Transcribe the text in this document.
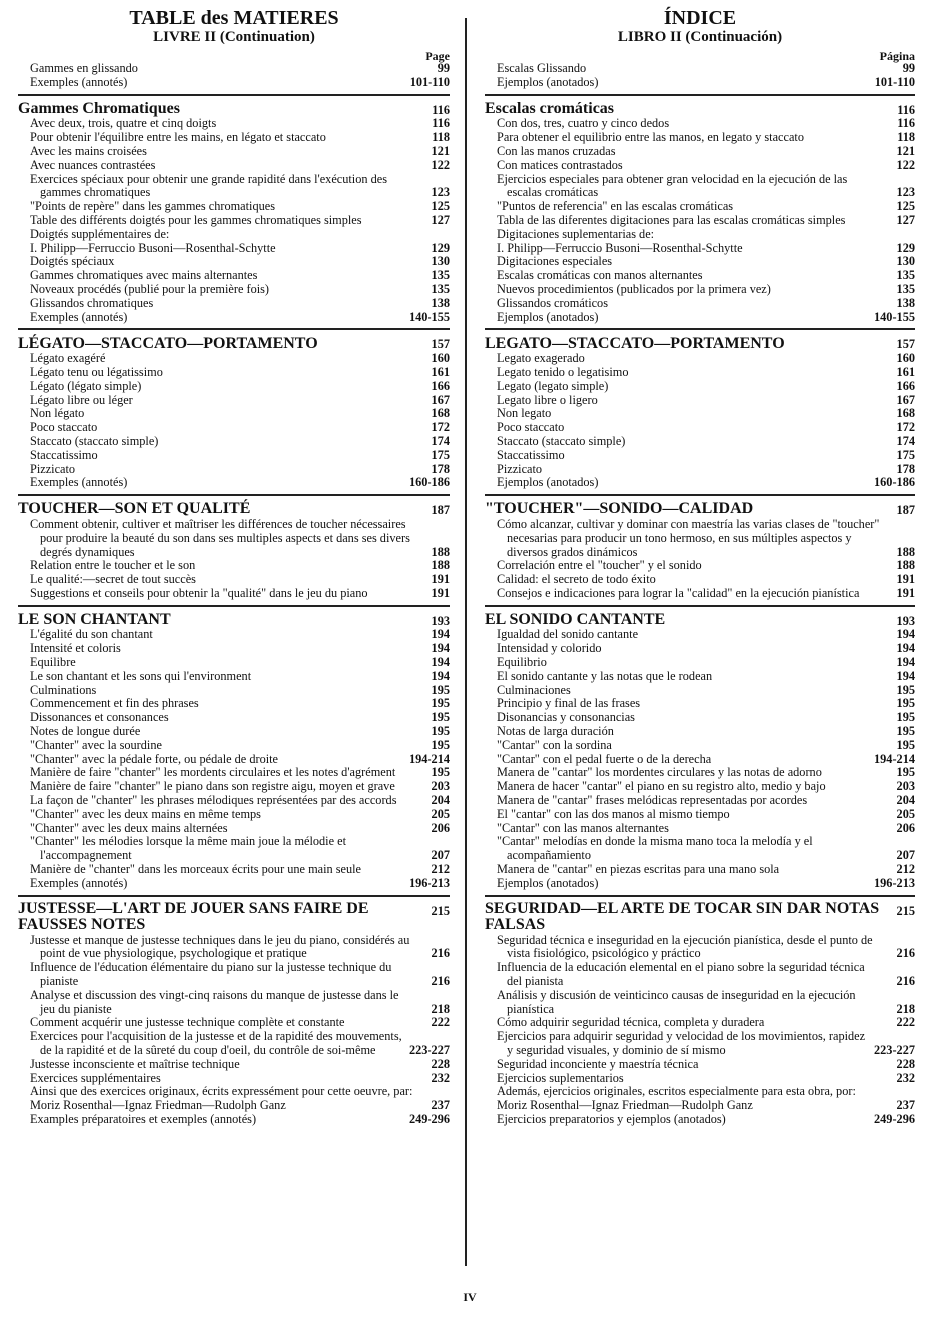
TABLE des MATIERES
LIVRE II (Continuation)
Page
Gammes en glissando	99
Exemples (annotés)	101-110
Gammes Chromatiques	116
Avec deux, trois, quatre et cinq doigts	116
Pour obtenir l'équilibre entre les mains, en légato et staccato	118
Avec les mains croisées	121
Avec nuances contrastées	122
Exercices spéciaux pour obtenir une grande rapidité dans l'exécution des gammes chromatiques	123
"Points de repère" dans les gammes chromatiques	125
Table des différents doigtés pour les gammes chromatiques simples	127
Doigtés supplémentaires de:
I. Philipp—Ferruccio Busoni—Rosenthal-Schytte	129
Doigtés spéciaux	130
Gammes chromatiques avec mains alternantes	135
Noveaux procédés (publié pour la première fois)	135
Glissandos chromatiques	138
Exemples (annotés)	140-155
LÉGATO—STACCATO—PORTAMENTO	157
Légato exagéré	160
Légato tenu ou légatissimo	161
Légato (légato simple)	166
Légato libre ou léger	167
Non légato	168
Poco staccato	172
Staccato (staccato simple)	174
Staccatissimo	175
Pizzicato	178
Exemples (annotés)	160-186
TOUCHER—SON ET QUALITÉ	187
Comment obtenir, cultiver et maîtriser les différences de toucher nécessaires pour produire la beauté du son dans ses multiples aspects et dans ses divers degrés dynamiques	188
Relation entre le toucher et le son	188
Le qualité:—secret de tout succès	191
Suggestions et conseils pour obtenir la "qualité" dans le jeu du piano	191
LE SON CHANTANT	193
L'égalité du son chantant	194
Intensité et coloris	194
Equilibre	194
Le son chantant et les sons qui l'environment	194
Culminations	195
Commencement et fin des phrases	195
Dissonances et consonances	195
Notes de longue durée	195
"Chanter" avec la sourdine	195
"Chanter" avec la pédale forte, ou pédale de droite	194-214
Manière de faire "chanter" les mordents circulaires et les notes d'agrément	195
Manière de faire "chanter" le piano dans son registre aigu, moyen et grave	203
La façon de "chanter" les phrases mélodiques représentées par des accords	204
"Chanter" avec les deux mains en même temps	205
"Chanter" avec les deux mains alternées	206
"Chanter" les mélodies lorsque la même main joue la mélodie et l'accompagnement	207
Manière de "chanter" dans les morceaux écrits pour une main seule	212
Exemples (annotés)	196-213
JUSTESSE—L'ART DE JOUER SANS FAIRE DE FAUSSES NOTES
215
Justesse et manque de justesse techniques dans le jeu du piano, considérés au point de vue physiologique, psychologique et pratique	216
Influence de l'éducation élémentaire du piano sur la justesse technique du pianiste	216
Analyse et discussion des vingt-cinq raisons du manque de justesse dans le jeu du pianiste	218
Comment acquérir une justesse technique complète et constante	222
Exercices pour l'acquisition de la justesse et de la rapidité des mouvements, de la rapidité et de la sûreté du coup d'oeil, du contrôle de soi-même	223-227
Justesse inconsciente et maîtrise technique	228
Exercices supplémentaires	232
Ainsi que des exercices originaux, écrits expressément pour cette oeuvre, par:
Moriz Rosenthal—Ignaz Friedman—Rudolph Ganz	237
Examples préparatoires et exemples (annotés)	249-296
ÍNDICE
LIBRO II (Continuación)
Página
Escalas Glissando	99
Ejemplos (anotados)	101-110
Escalas cromáticas	116
Con dos, tres, cuatro y cinco dedos	116
Para obtener el equilibrio entre las manos, en legato y staccato	118
Con las manos cruzadas	121
Con matices contrastados	122
Ejercicios especiales para obtener gran velocidad en la ejecución de las escalas cromáticas	123
"Puntos de referencia" en las escalas cromáticas	125
Tabla de las diferentes digitaciones para las escalas cromáticas simples	127
Digitaciones suplementarias de:
I. Philipp—Ferruccio Busoni—Rosenthal-Schytte	129
Digitaciones especiales	130
Escalas cromáticas con manos alternantes	135
Nuevos procedimientos (publicados por la primera vez)	135
Glissandos cromáticos	138
Ejemplos (anotados)	140-155
LEGATO—STACCATO—PORTAMENTO	157
Legato exagerado	160
Legato tenido o legatisimo	161
Legato (legato simple)	166
Legato libre o ligero	167
Non legato	168
Poco staccato	172
Staccato (staccato simple)	174
Staccatissimo	175
Pizzicato	178
Ejemplos (anotados)	160-186
"TOUCHER"—SONIDO—CALIDAD	187
Cómo alcanzar, cultivar y dominar con maestría las varias clases de "toucher" necesarias para producir un tono hermoso, en sus múltiples aspectos y diversos grados dinámicos	188
Correlación entre el "toucher" y el sonido	188
Calidad: el secreto de todo éxito	191
Consejos e indicaciones para lograr la "calidad" en la ejecución pianística	191
EL SONIDO CANTANTE	193
Igualdad del sonido cantante	194
Intensidad y colorido	194
Equilibrio	194
El sonido cantante y las notas que le rodean	194
Culminaciones	195
Principio y final de las frases	195
Disonancias y consonancias	195
Notas de larga duración	195
"Cantar" con la sordina	195
"Cantar" con el pedal fuerte o de la derecha	194-214
Manera de "cantar" los mordentes circulares y las notas de adorno	195
Manera de hacer "cantar" el piano en su registro alto, medio y bajo	203
Manera de "cantar" frases melódicas representadas por acordes	204
El "cantar" con las dos manos al mismo tiempo	205
"Cantar" con las manos alternantes	206
"Cantar" melodías en donde la misma mano toca la melodía y el acompañamiento	207
Manera de "cantar" en piezas escritas para una mano sola	212
Ejemplos (anotados)	196-213
SEGURIDAD—EL ARTE DE TOCAR SIN DAR NOTAS FALSAS
215
Seguridad técnica e inseguridad en la ejecución pianística, desde el punto de vista fisiológico, psicológico y práctico	216
Influencia de la educación elemental en el piano sobre la seguridad técnica del pianista	216
Análisis y discusión de veinticinco causas de inseguridad en la ejecución pianística	218
Cómo adquirir seguridad técnica, completa y duradera	222
Ejercicios para adquirir seguridad y velocidad de los movimientos, rapidez y seguridad visuales, y dominio de sí mismo	223-227
Seguridad inconciente y maestría técnica	228
Ejercicios suplementarios	232
Además, ejercicios originales, escritos especialmente para esta obra, por:
Moriz Rosenthal—Ignaz Friedman—Rudolph Ganz	237
Ejercicios preparatorios y ejemplos (anotados)	249-296
IV
